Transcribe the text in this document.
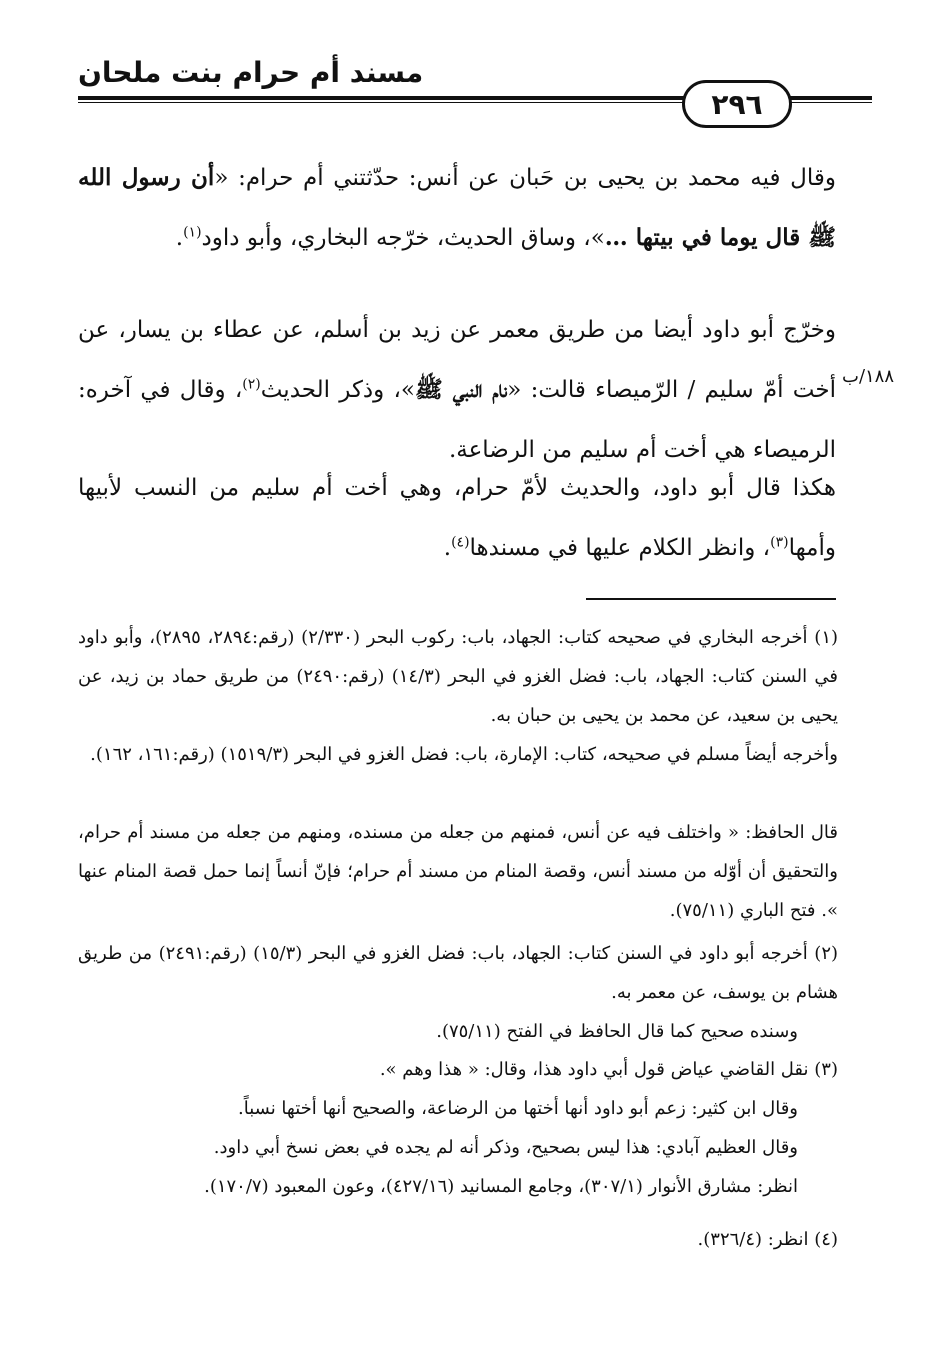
مسند أم حرام بنت ملحان
٢٩٦
١٨٨/ب

وقال فيه محمد بن يحيى بن حَبان عن أنس: حدّثتني أم حرام: «أن رسول الله ﷺ قال يوما في بيتها …»، وساق الحديث، خرّجه البخاري، وأبو داود$^{(١)}$.

وخرّج أبو داود أيضا من طريق معمر عن زيد بن أسلم، عن عطاء بن يسار، عن أخت أمّ سليم / الرّميصاء قالت: «نام النبي ﷺ»، وذكر الحديث$^{(٢)}$، وقال في آخره: الرميصاء هي أخت أم سليم من الرضاعة.

هكذا قال أبو داود، والحديث لأمّ حرام، وهي أخت أم سليم من النسب لأبيها وأمها$^{(٣)}$، وانظر الكلام عليها في مسندها$^{(٤)}$.

(١) أخرجه البخاري في صحيحه كتاب: الجهاد، باب: ركوب البحر (٢/٣٣٠) (رقم:٢٨٩٤، ٢٨٩٥)، وأبو داود في السنن كتاب: الجهاد، باب: فضل الغزو في البحر (١٤/٣) (رقم:٢٤٩٠) من طريق حماد بن زيد، عن يحيى بن سعيد، عن محمد بن يحيى بن حبان به.

وأخرجه أيضاً مسلم في صحيحه، كتاب: الإمارة، باب: فضل الغزو في البحر (١٥١٩/٣) (رقم:١٦١، ١٦٢).

قال الحافظ: « واختلف فيه عن أنس، فمنهم من جعله من مسنده، ومنهم من جعله من مسند أم حرام، والتحقيق أن أوّله من مسند أنس، وقصة المنام من مسند أم حرام؛ فإنّ أنساً إنما حمل قصة المنام عنها ». فتح الباري (٧٥/١١).

(٢) أخرجه أبو داود في السنن كتاب: الجهاد، باب: فضل الغزو في البحر (١٥/٣) (رقم:٢٤٩١) من طريق هشام بن يوسف، عن معمر به.

وسنده صحيح كما قال الحافظ في الفتح (٧٥/١١).

(٣) نقل القاضي عياض قول أبي داود هذا، وقال: « هذا وهم ».

وقال ابن كثير: زعم أبو داود أنها أختها من الرضاعة، والصحيح أنها أختها نسباً.

وقال العظيم آبادي: هذا ليس بصحيح، وذكر أنه لم يجده في بعض نسخ أبي داود.

انظر: مشارق الأنوار (٣٠٧/١)، وجامع المسانيد (٤٢٧/١٦)، وعون المعبود (١٧٠/٧).

(٤) انظر: (٣٢٦/٤).
